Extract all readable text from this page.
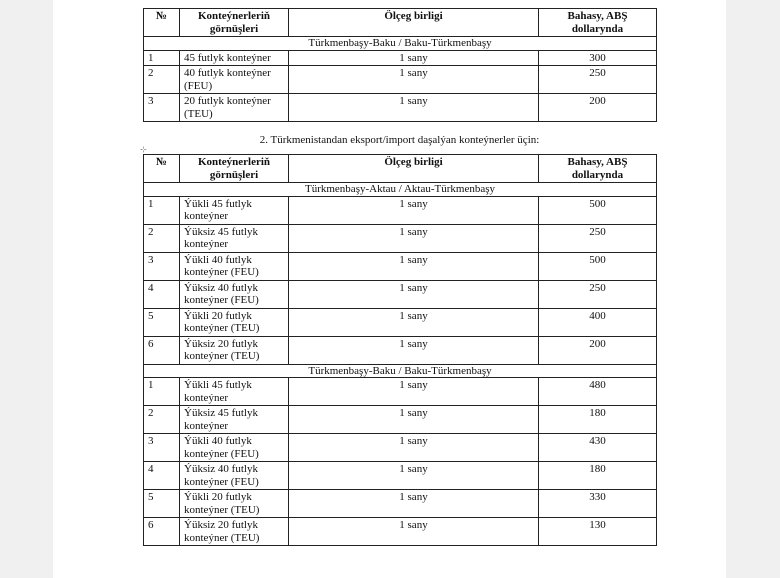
№	Konteýnerleriň görnüşleri	Ölçeg birligi	Bahasy, ABŞ dollarynda
Türkmenbaşy-Baku / Baku-Türkmenbaşy			
1	45 futlyk konteýner	1 sany	300
2	40 futlyk konteýner (FEU)	1 sany	250
3	20 futlyk konteýner (TEU)	1 sany	200
⊹
2. Türkmenistandan eksport/import daşalýan konteýnerler üçin:
№	Konteýnerleriň görnüşleri	Ölçeg birligi	Bahasy, ABŞ dollarynda
Türkmenbaşy-Aktau / Aktau-Türkmenbaşy			
1	Ýükli 45 futlyk konteýner	1 sany	500
2	Ýüksiz 45 futlyk konteýner	1 sany	250
3	Ýükli 40 futlyk konteýner (FEU)	1 sany	500
4	Ýüksiz 40 futlyk konteýner (FEU)	1 sany	250
5	Ýükli 20 futlyk konteýner (TEU)	1 sany	400
6	Ýüksiz 20 futlyk konteýner (TEU)	1 sany	200
Türkmenbaşy-Baku / Baku-Türkmenbaşy			
1	Ýükli 45 futlyk konteýner	1 sany	480
2	Ýüksiz 45 futlyk konteýner	1 sany	180
3	Ýükli 40 futlyk konteýner (FEU)	1 sany	430
4	Ýüksiz 40 futlyk konteýner (FEU)	1 sany	180
5	Ýükli 20 futlyk konteýner (TEU)	1 sany	330
6	Ýüksiz 20 futlyk konteýner (TEU)	1 sany	130
